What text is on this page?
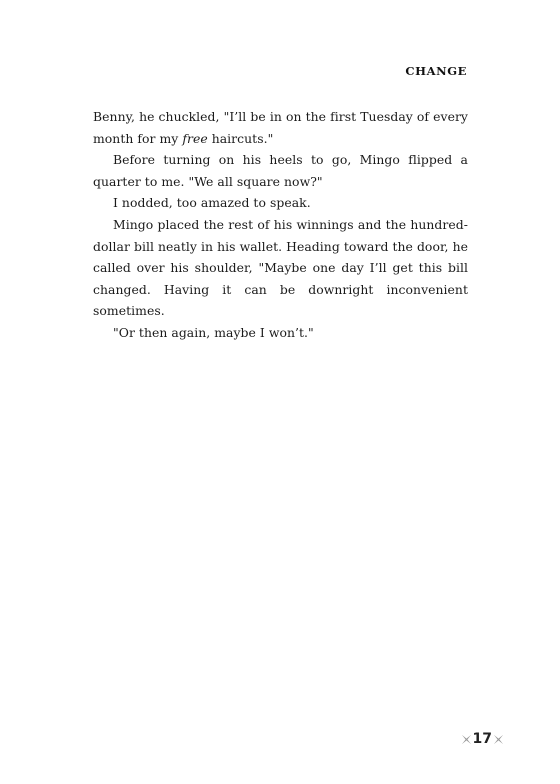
CHANGE

Benny, he chuckled, "I’ll be in on the first Tuesday of every month for my free haircuts."

Before turning on his heels to go, Mingo flipped a quarter to me. "We all square now?"

I nodded, too amazed to speak.

Mingo placed the rest of his winnings and the hundred-dollar bill neatly in his wallet. Heading toward the door, he called over his shoulder, "Maybe one day I’ll get this bill changed. Having it can be downright inconvenient sometimes.

"Or then again, maybe I won’t."

17
